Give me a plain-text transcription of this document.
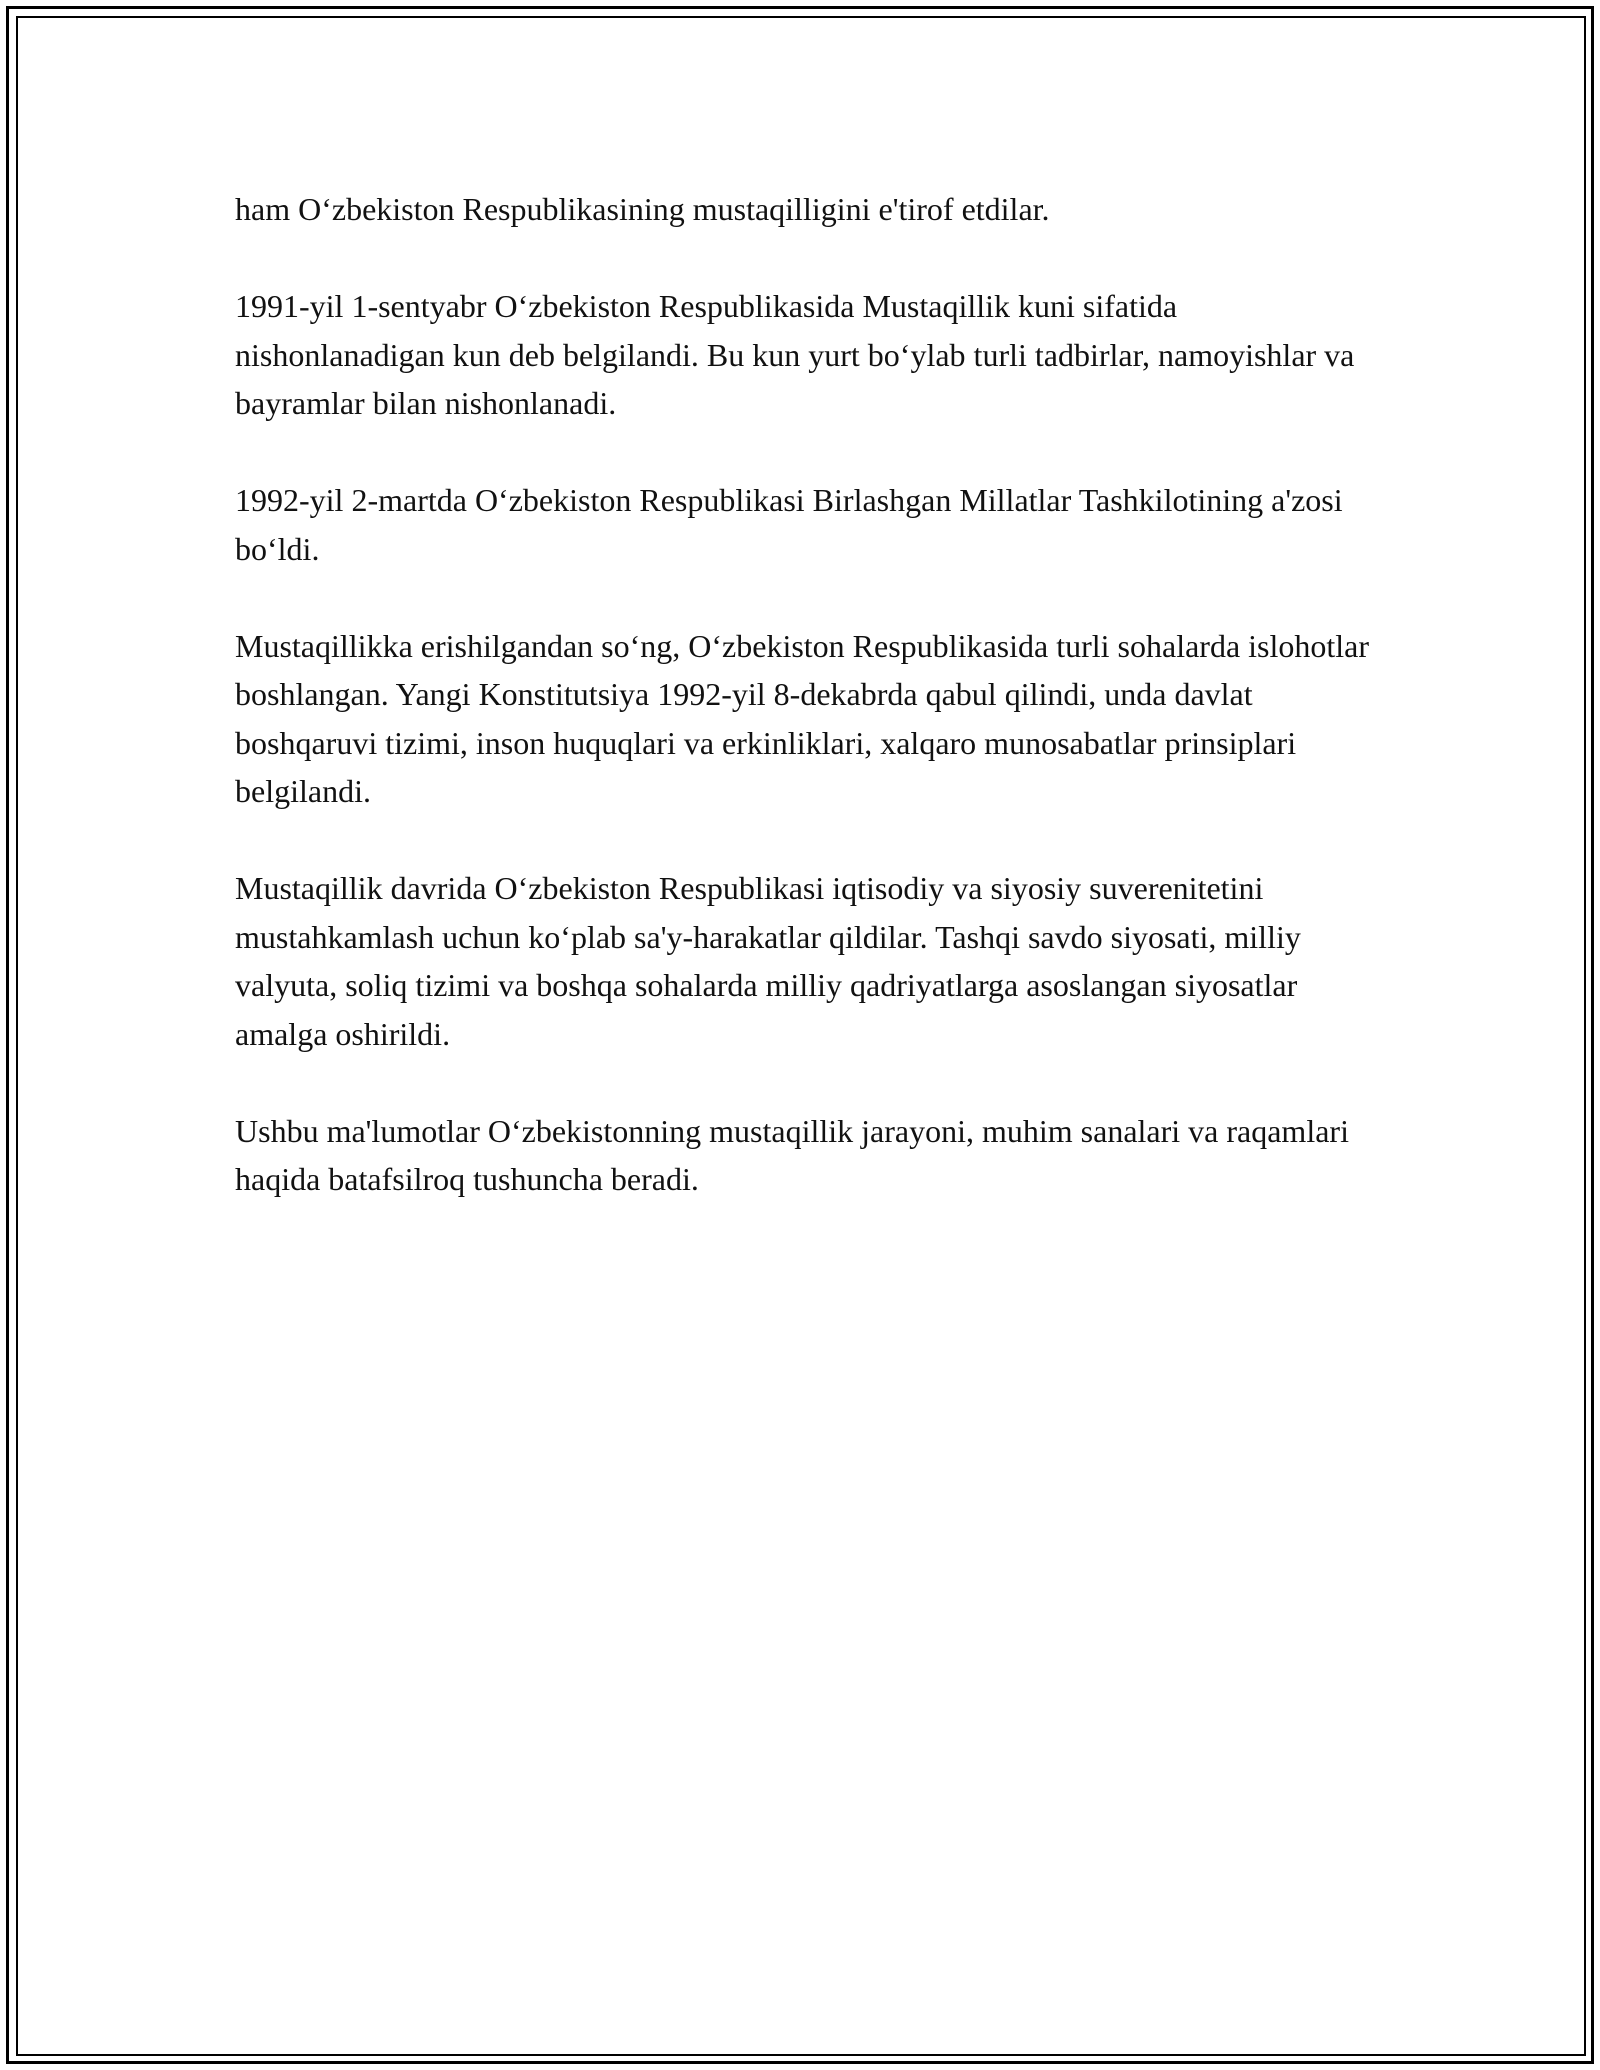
ham O‘zbekiston Respublikasining mustaqilligini e'tirof etdilar.

1991-yil 1-sentyabr O‘zbekiston Respublikasida Mustaqillik kuni sifatida nishonlanadigan kun deb belgilandi. Bu kun yurt bo‘ylab turli tadbirlar, namoyishlar va bayramlar bilan nishonlanadi.

1992-yil 2-martda O‘zbekiston Respublikasi Birlashgan Millatlar Tashkilotining a'zosi bo‘ldi.

Mustaqillikka erishilgandan so‘ng, O‘zbekiston Respublikasida turli sohalarda islohotlar boshlangan. Yangi Konstitutsiya 1992-yil 8-dekabrda qabul qilindi, unda davlat boshqaruvi tizimi, inson huquqlari va erkinliklari, xalqaro munosabatlar prinsiplari belgilandi.

Mustaqillik davrida O‘zbekiston Respublikasi iqtisodiy va siyosiy suverenitetini mustahkamlash uchun ko‘plab sa'y-harakatlar qildilar. Tashqi savdo siyosati, milliy valyuta, soliq tizimi va boshqa sohalarda milliy qadriyatlarga asoslangan siyosatlar amalga oshirildi.

Ushbu ma'lumotlar O‘zbekistonning mustaqillik jarayoni, muhim sanalari va raqamlari haqida batafsilroq tushuncha beradi.
